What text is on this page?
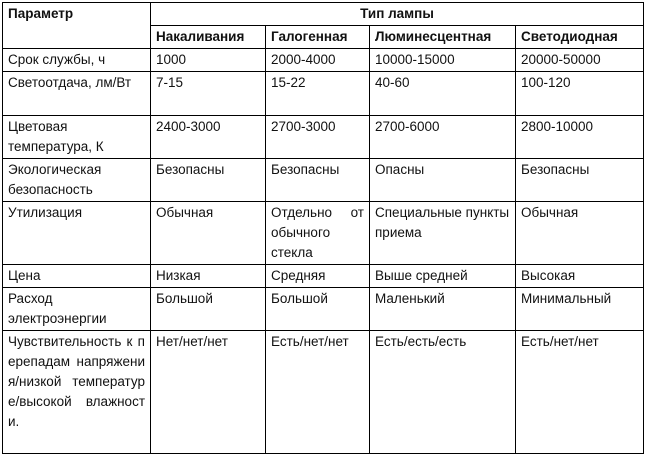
Параметр	Тип лампы			
	Накаливания	Галогенная	Люминесцентная	Светодиодная
Срок службы, ч	1000	2000-4000	10000-15000	20000-50000
Светоотдача, лм/Вт	7-15	15-22	40-60	100-120
Цветовая температура, К	2400-3000	2700-3000	2700-6000	2800-10000
Экологическая безопасность	Безопасны	Безопасны	Опасны	Безопасны
Утилизация	Обычная	Отдельно от обычного стекла	Специальные пункты приема	Обычная
Цена	Низкая	Средняя	Выше средней	Высокая
Расход электроэнергии	Большой	Большой	Маленький	Минимальный
Чувствительность к перепадам напряжения/низкой температуре/высокой влажности.	Нет/нет/нет	Есть/нет/нет	Есть/есть/есть	Есть/нет/нет
